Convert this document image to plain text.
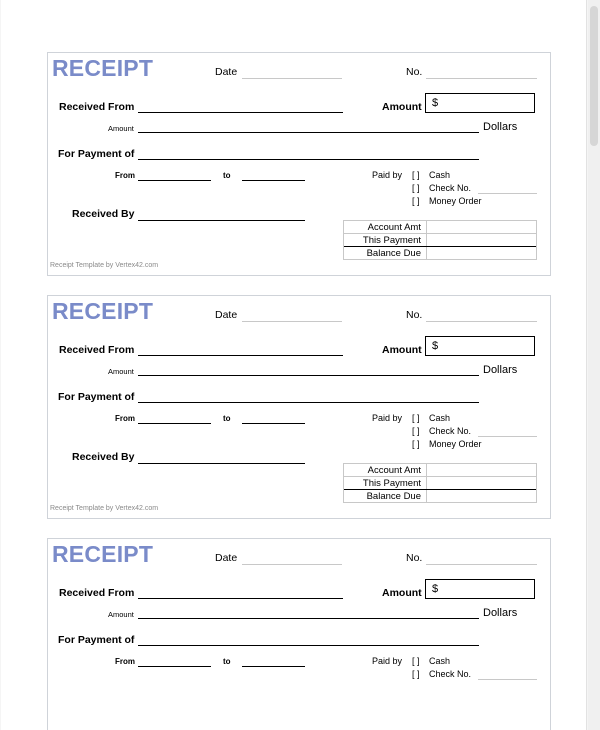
RECEIPT	Date	No.
Received From	Amount $
Amount	Dollars
For Payment of
From	to	Paid by [ ] Cash
[ ] Check No.
[ ] Money Order
Received By
Account Amt
This Payment
Balance Due
Receipt Template by Vertex42.com
RECEIPT	Date	No.
Received From	Amount $
Amount	Dollars
For Payment of
From	to	Paid by [ ] Cash
[ ] Check No.
[ ] Money Order
Received By
Account Amt
This Payment
Balance Due
Receipt Template by Vertex42.com
RECEIPT	Date	No.
Received From	Amount $
Amount	Dollars
For Payment of
From	to	Paid by [ ] Cash
[ ] Check No.
